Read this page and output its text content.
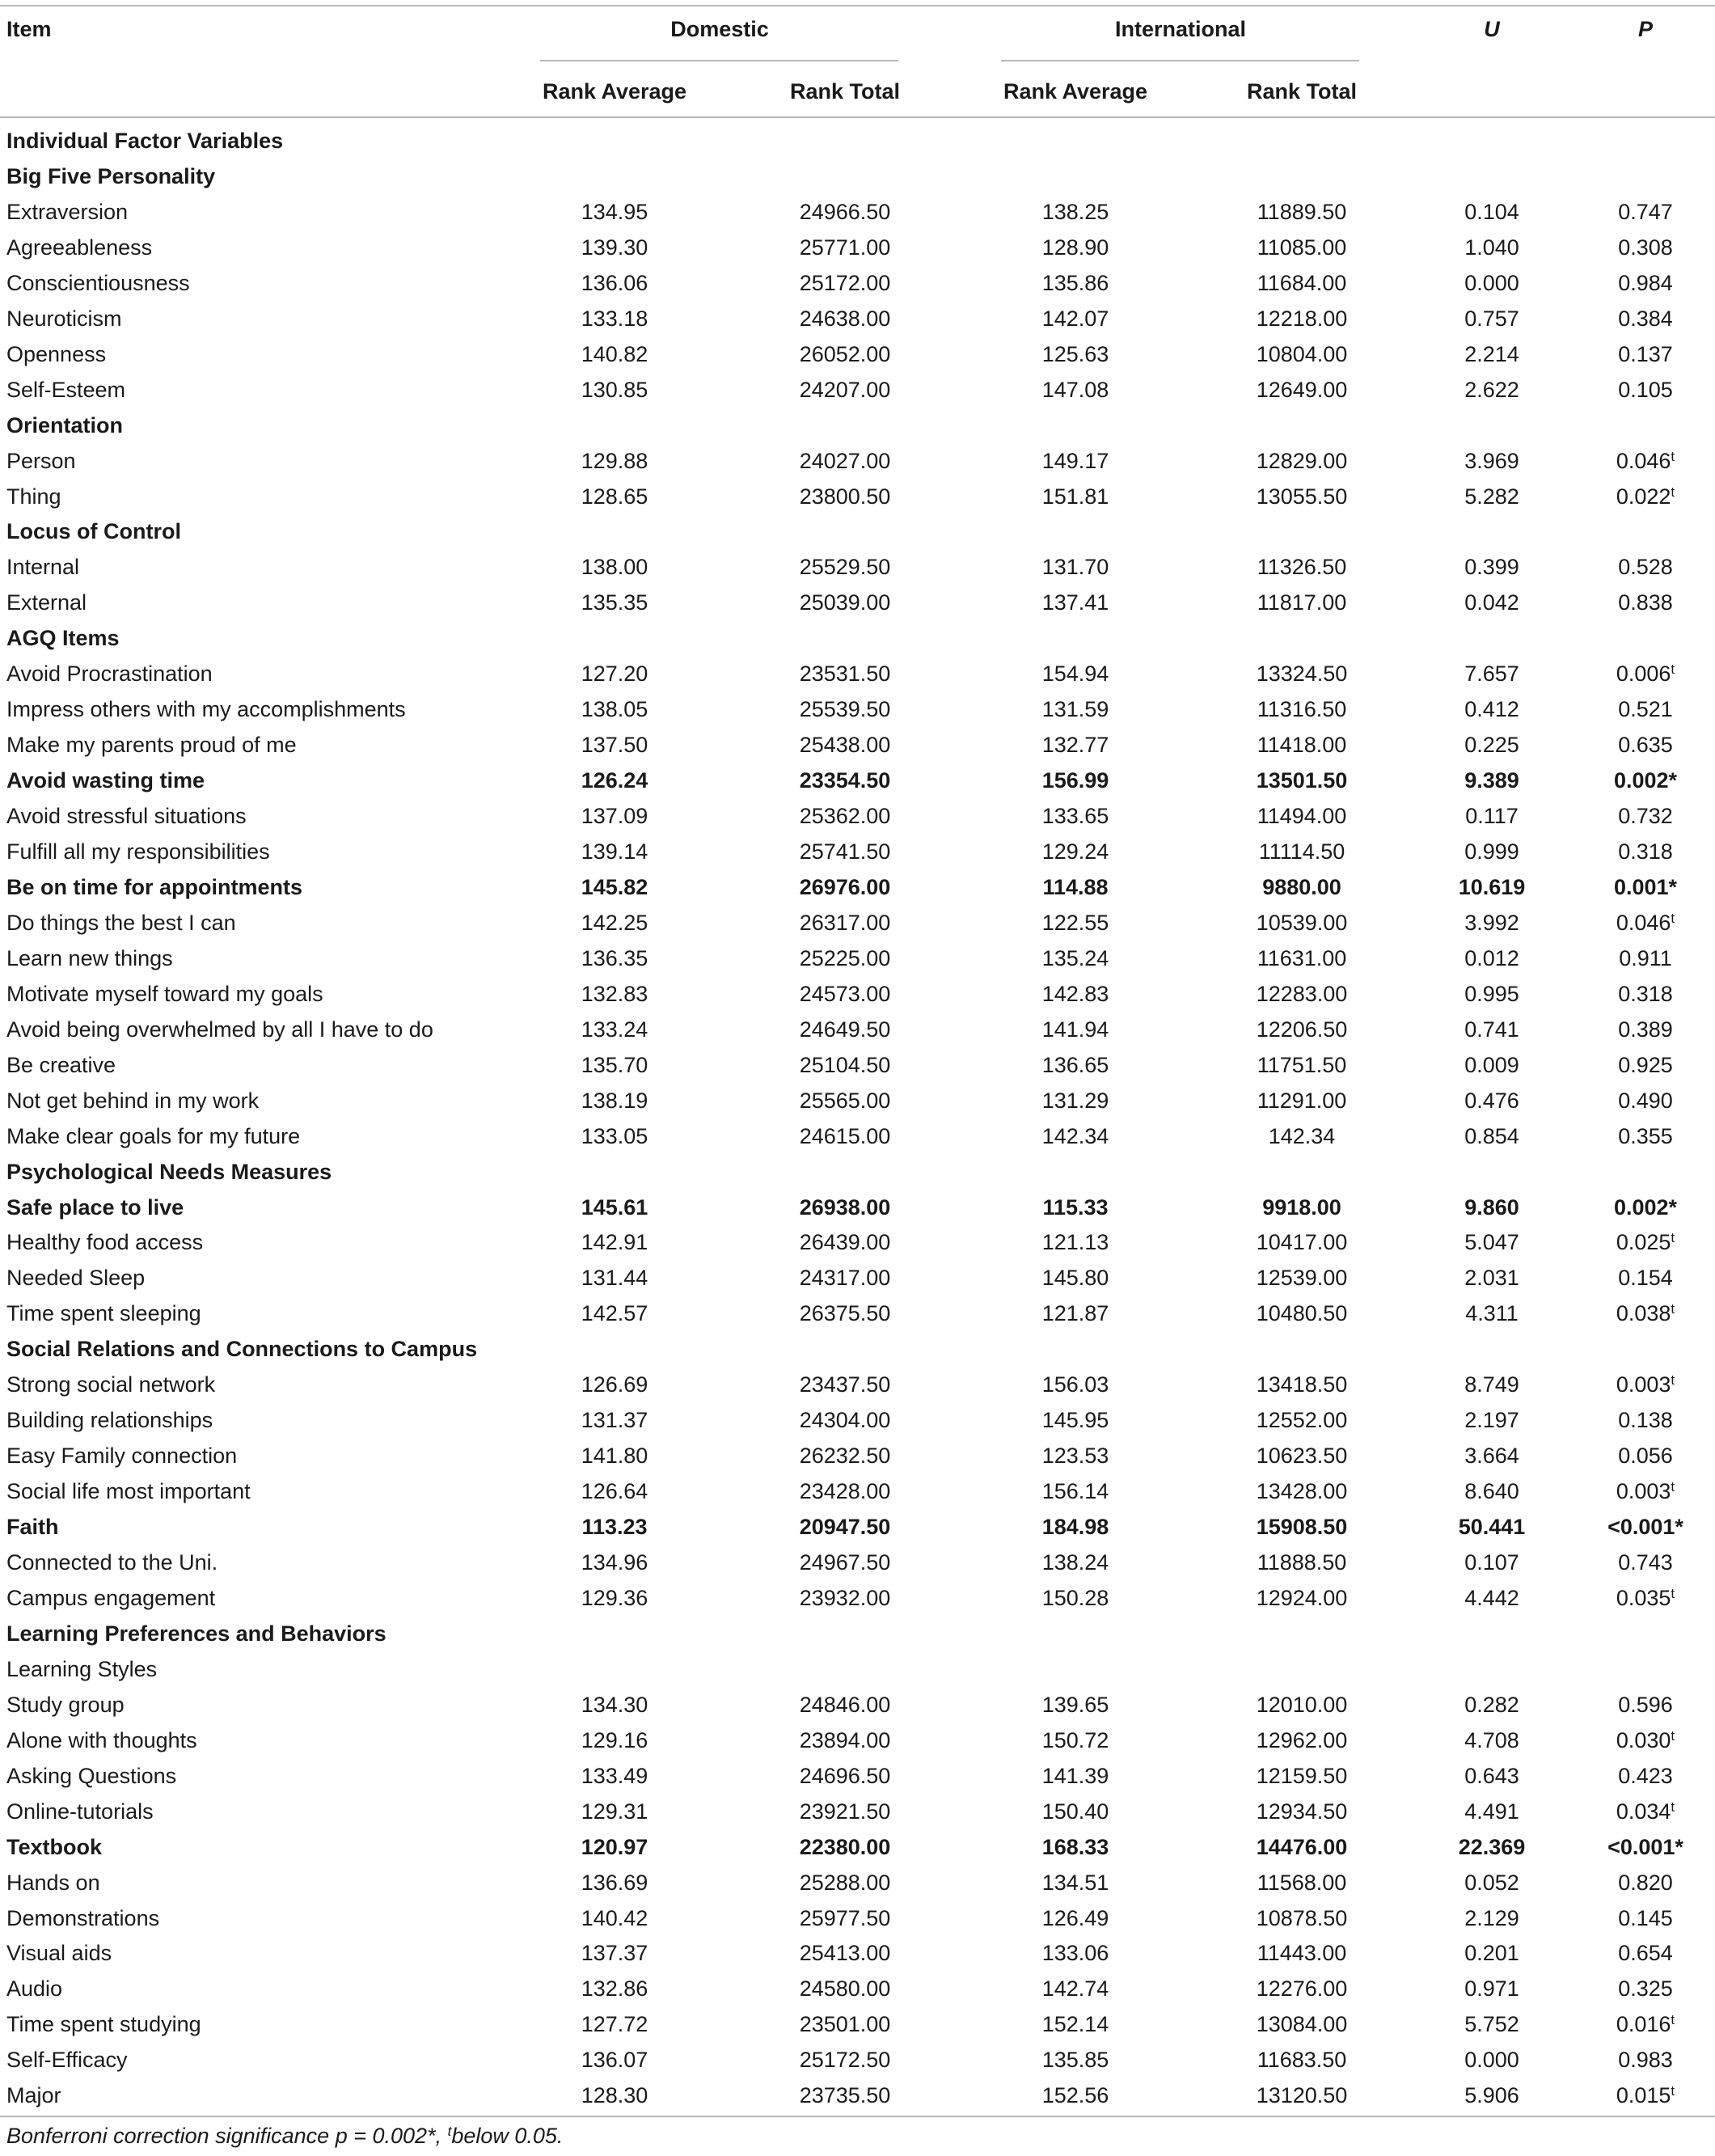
Item	Domestic	International	U	P
Rank Average	Rank Total	Rank Average	Rank Total
Individual Factor Variables
Big Five Personality
Extraversion	134.95	24966.50	138.25	11889.50	0.104	0.747
Agreeableness	139.30	25771.00	128.90	11085.00	1.040	0.308
Conscientiousness	136.06	25172.00	135.86	11684.00	0.000	0.984
Neuroticism	133.18	24638.00	142.07	12218.00	0.757	0.384
Openness	140.82	26052.00	125.63	10804.00	2.214	0.137
Self-Esteem	130.85	24207.00	147.08	12649.00	2.622	0.105
Orientation
Person	129.88	24027.00	149.17	12829.00	3.969	0.046$^t$
Thing	128.65	23800.50	151.81	13055.50	5.282	0.022$^t$
Locus of Control
Internal	138.00	25529.50	131.70	11326.50	0.399	0.528
External	135.35	25039.00	137.41	11817.00	0.042	0.838
AGQ Items
Avoid Procrastination	127.20	23531.50	154.94	13324.50	7.657	0.006$^t$
Impress others with my accomplishments	138.05	25539.50	131.59	11316.50	0.412	0.521
Make my parents proud of me	137.50	25438.00	132.77	11418.00	0.225	0.635
Avoid wasting time	126.24	23354.50	156.99	13501.50	9.389	0.002*
Avoid stressful situations	137.09	25362.00	133.65	11494.00	0.117	0.732
Fulfill all my responsibilities	139.14	25741.50	129.24	11114.50	0.999	0.318
Be on time for appointments	145.82	26976.00	114.88	9880.00	10.619	0.001*
Do things the best I can	142.25	26317.00	122.55	10539.00	3.992	0.046$^t$
Learn new things	136.35	25225.00	135.24	11631.00	0.012	0.911
Motivate myself toward my goals	132.83	24573.00	142.83	12283.00	0.995	0.318
Avoid being overwhelmed by all I have to do	133.24	24649.50	141.94	12206.50	0.741	0.389
Be creative	135.70	25104.50	136.65	11751.50	0.009	0.925
Not get behind in my work	138.19	25565.00	131.29	11291.00	0.476	0.490
Make clear goals for my future	133.05	24615.00	142.34	142.34	0.854	0.355
Psychological Needs Measures
Safe place to live	145.61	26938.00	115.33	9918.00	9.860	0.002*
Healthy food access	142.91	26439.00	121.13	10417.00	5.047	0.025$^t$
Needed Sleep	131.44	24317.00	145.80	12539.00	2.031	0.154
Time spent sleeping	142.57	26375.50	121.87	10480.50	4.311	0.038$^t$
Social Relations and Connections to Campus
Strong social network	126.69	23437.50	156.03	13418.50	8.749	0.003$^t$
Building relationships	131.37	24304.00	145.95	12552.00	2.197	0.138
Easy Family connection	141.80	26232.50	123.53	10623.50	3.664	0.056
Social life most important	126.64	23428.00	156.14	13428.00	8.640	0.003$^t$
Faith	113.23	20947.50	184.98	15908.50	50.441	<0.001*
Connected to the Uni.	134.96	24967.50	138.24	11888.50	0.107	0.743
Campus engagement	129.36	23932.00	150.28	12924.00	4.442	0.035$^t$
Learning Preferences and Behaviors
Learning Styles
Study group	134.30	24846.00	139.65	12010.00	0.282	0.596
Alone with thoughts	129.16	23894.00	150.72	12962.00	4.708	0.030$^t$
Asking Questions	133.49	24696.50	141.39	12159.50	0.643	0.423
Online-tutorials	129.31	23921.50	150.40	12934.50	4.491	0.034$^t$
Textbook	120.97	22380.00	168.33	14476.00	22.369	<0.001*
Hands on	136.69	25288.00	134.51	11568.00	0.052	0.820
Demonstrations	140.42	25977.50	126.49	10878.50	2.129	0.145
Visual aids	137.37	25413.00	133.06	11443.00	0.201	0.654
Audio	132.86	24580.00	142.74	12276.00	0.971	0.325
Time spent studying	127.72	23501.00	152.14	13084.00	5.752	0.016$^t$
Self-Efficacy	136.07	25172.50	135.85	11683.50	0.000	0.983
Major	128.30	23735.50	152.56	13120.50	5.906	0.015$^t$
Bonferroni correction significance p = 0.002*, $^t$below 0.05.
